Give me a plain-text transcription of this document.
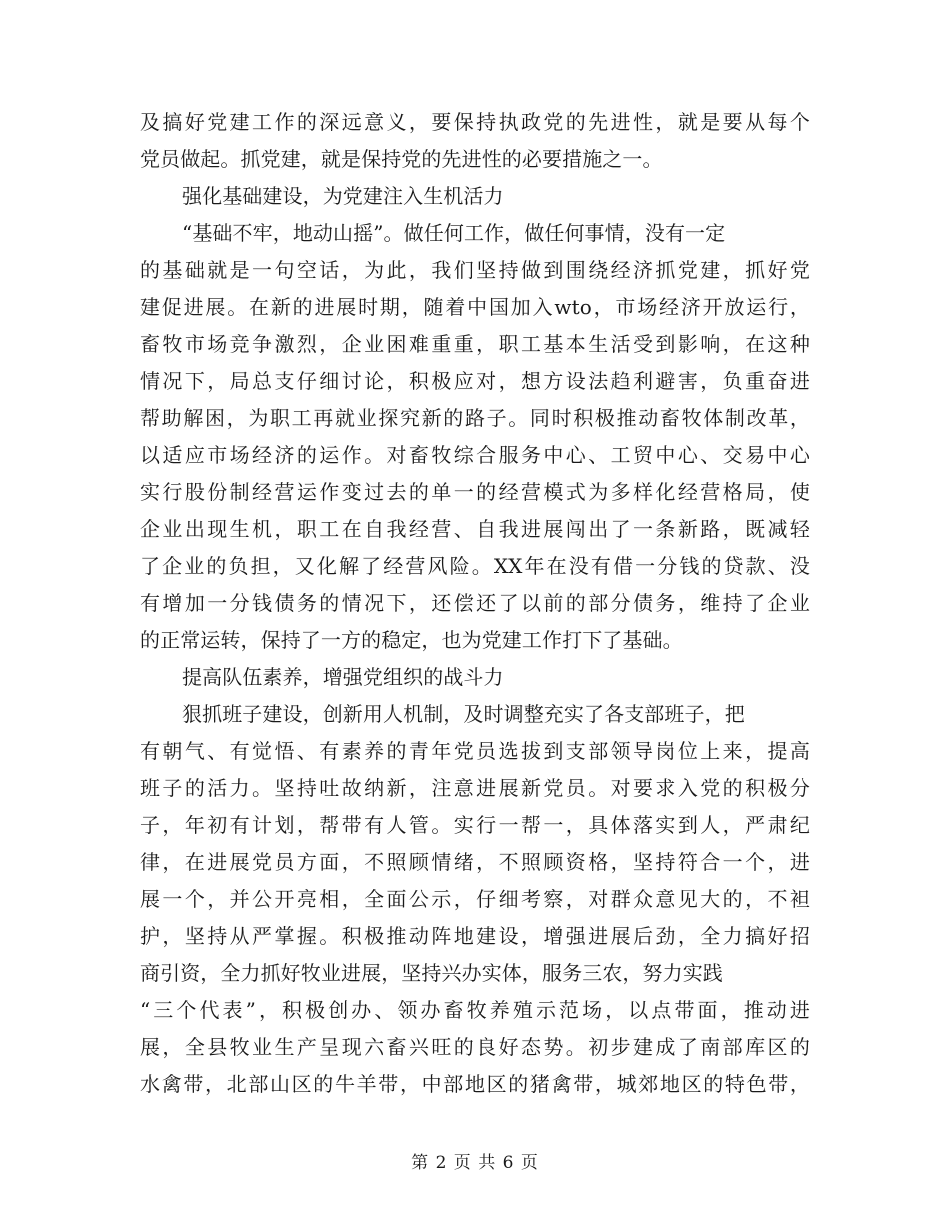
及搞好党建工作的深远意义，要保持执政党的先进性，就是要从每个
党员做起。抓党建，就是保持党的先进性的必要措施之一。
强化基础建设，为党建注入生机活力
“基础不牢，地动山摇”。做任何工作，做任何事情，没有一定
的基础就是一句空话，为此，我们坚持做到围绕经济抓党建，抓好党
建促进展。在新的进展时期，随着中国加入wto，市场经济开放运行，
畜牧市场竞争激烈，企业困难重重，职工基本生活受到影响，在这种
情况下，局总支仔细讨论，积极应对，想方设法趋利避害，负重奋进
帮助解困，为职工再就业探究新的路子。同时积极推动畜牧体制改革，
以适应市场经济的运作。对畜牧综合服务中心、工贸中心、交易中心
实行股份制经营运作变过去的单一的经营模式为多样化经营格局，使
企业出现生机，职工在自我经营、自我进展闯出了一条新路，既减轻
了企业的负担，又化解了经营风险。XX年在没有借一分钱的贷款、没
有增加一分钱债务的情况下，还偿还了以前的部分债务，维持了企业
的正常运转，保持了一方的稳定，也为党建工作打下了基础。
提高队伍素养，增强党组织的战斗力
狠抓班子建设，创新用人机制，及时调整充实了各支部班子，把
有朝气、有觉悟、有素养的青年党员选拔到支部领导岗位上来，提高
班子的活力。坚持吐故纳新，注意进展新党员。对要求入党的积极分
子，年初有计划，帮带有人管。实行一帮一，具体落实到人，严肃纪
律，在进展党员方面，不照顾情绪，不照顾资格，坚持符合一个，进
展一个，并公开亮相，全面公示，仔细考察，对群众意见大的，不袒
护，坚持从严掌握。积极推动阵地建设，增强进展后劲，全力搞好招
商引资，全力抓好牧业进展，坚持兴办实体，服务三农，努力实践
“三个代表”，积极创办、领办畜牧养殖示范场，以点带面，推动进
展，全县牧业生产呈现六畜兴旺的良好态势。初步建成了南部库区的
水禽带，北部山区的牛羊带，中部地区的猪禽带，城郊地区的特色带，
第 2 页 共 6 页
